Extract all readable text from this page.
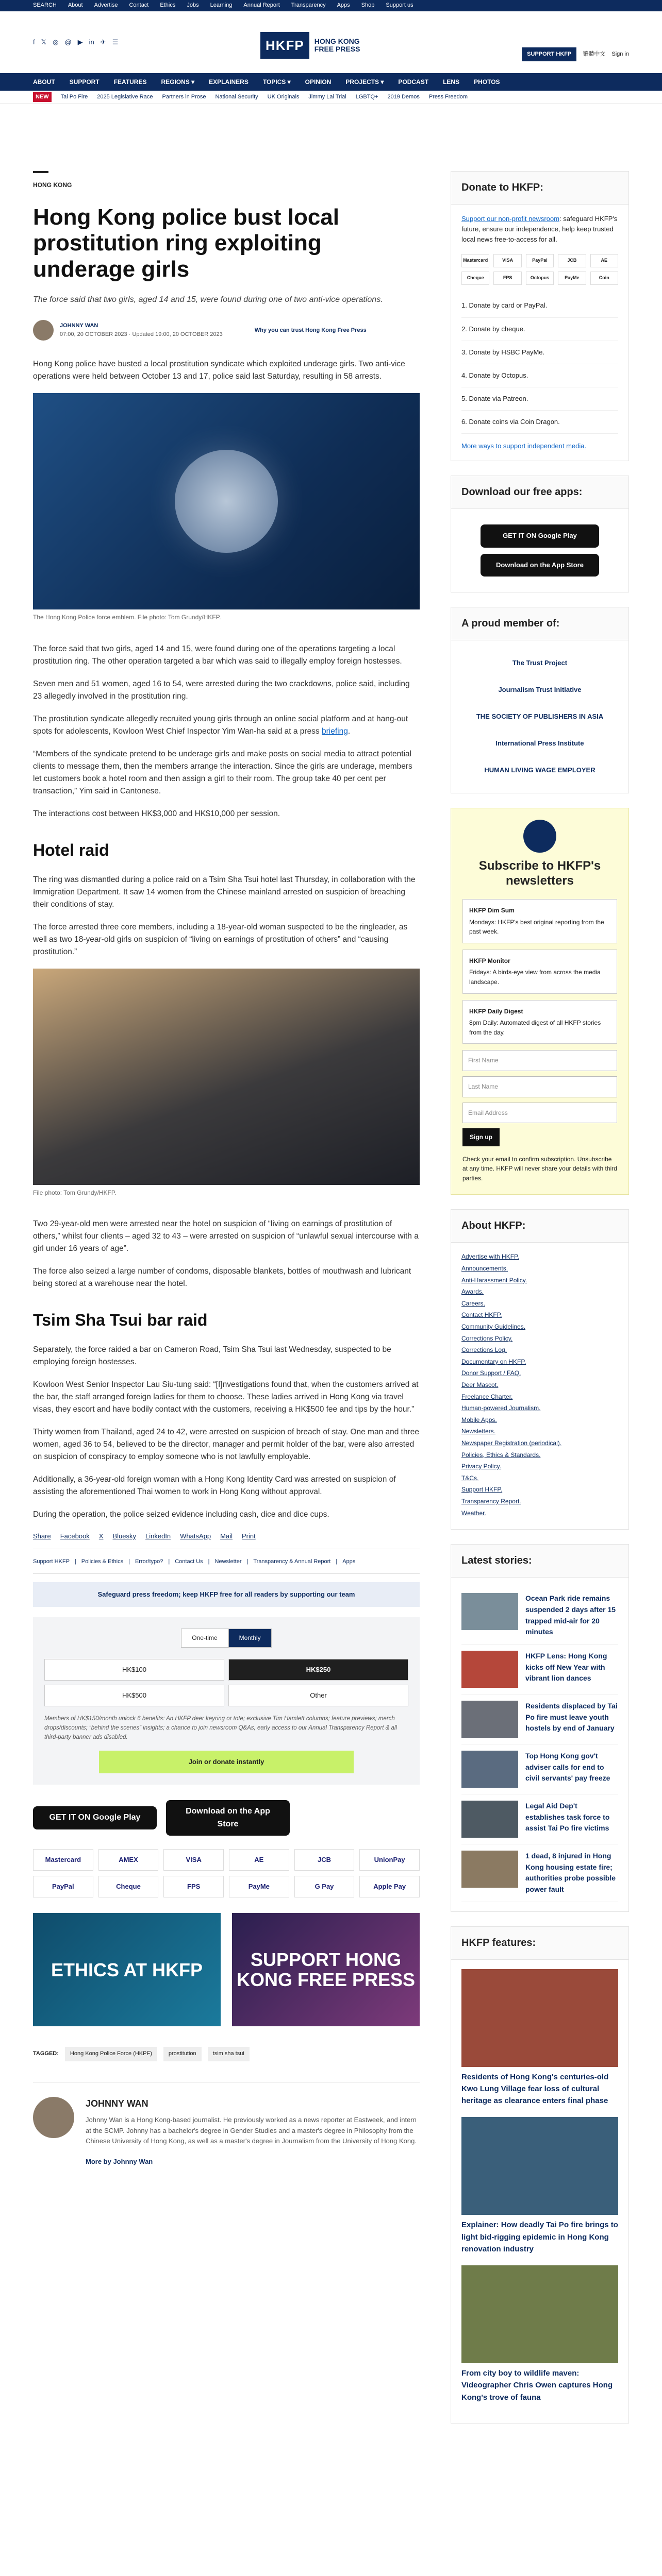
SEARCH About Advertise Contact Ethics Jobs Learning Annual Report Transparency Apps Shop Support us
f 𝕏 ◎ @ ▶ in ✈ ☰	HKFP	HONG KONG
FREE PRESS
SUPPORT HKFP	繁體中文 Sign in
ABOUT SUPPORT FEATURES REGIONS ▾ EXPLAINERS TOPICS ▾ OPINION PROJECTS ▾ PODCAST LENS PHOTOS
NEW	Tai Po Fire 2025 Legislative Race Partners in Prose National Security UK Originals Jimmy Lai Trial LGBTQ+ 2019 Demos Press Freedom
HONG KONG
Hong Kong police bust local prostitution ring exploiting underage girls
The force said that two girls, aged 14 and 15, were found during one of two anti-vice operations.
JOHNNY WAN
07:00, 20 OCTOBER 2023 · Updated 19:00, 20 OCTOBER 2023
Why you can trust Hong Kong Free Press

Hong Kong police have busted a local prostitution syndicate which exploited underage girls. Two anti-vice operations were held between October 13 and 17, police said last Saturday, resulting in 58 arrests.

The Hong Kong Police force emblem. File photo: Tom Grundy/HKFP.

The force said that two girls, aged 14 and 15, were found during one of the operations targeting a local prostitution ring. The other operation targeted a bar which was said to illegally employ foreign hostesses.

Seven men and 51 women, aged 16 to 54, were arrested during the two crackdowns, police said, including 23 allegedly involved in the prostitution ring.

The prostitution syndicate allegedly recruited young girls through an online social platform and at hang-out spots for adolescents, Kowloon West Chief Inspector Yim Wan-ha said at a press briefing.

“Members of the syndicate pretend to be underage girls and make posts on social media to attract potential clients to message them, then the members arrange the interaction. Since the girls are underage, members let customers book a hotel room and then assign a girl to their room. The group take 40 per cent per transaction,” Yim said in Cantonese.

The interactions cost between HK$3,000 and HK$10,000 per session.

Hotel raid

The ring was dismantled during a police raid on a Tsim Sha Tsui hotel last Thursday, in collaboration with the Immigration Department. It saw 14 women from the Chinese mainland arrested on suspicion of breaching their conditions of stay.

The force arrested three core members, including a 18-year-old woman suspected to be the ringleader, as well as two 18-year-old girls on suspicion of “living on earnings of prostitution of others” and “causing prostitution.”

File photo: Tom Grundy/HKFP.

Two 29-year-old men were arrested near the hotel on suspicion of “living on earnings of prostitution of others,” whilst four clients – aged 32 to 43 – were arrested on suspicion of “unlawful sexual intercourse with a girl under 16 years of age”.

The force also seized a large number of condoms, disposable blankets, bottles of mouthwash and lubricant being stored at a warehouse near the hotel.

Tsim Sha Tsui bar raid

Separately, the force raided a bar on Cameron Road, Tsim Sha Tsui last Wednesday, suspected to be employing foreign hostesses.

Kowloon West Senior Inspector Lau Siu-tung said: “[I]nvestigations found that, when the customers arrived at the bar, the staff arranged foreign ladies for them to choose. These ladies arrived in Hong Kong via travel visas, they escort and have bodily contact with the customers, receiving a HK$500 fee and tips by the hour.”

Thirty women from Thailand, aged 24 to 42, were arrested on suspicion of breach of stay. One man and three women, aged 36 to 54, believed to be the director, manager and permit holder of the bar, were also arrested on suspicion of conspiracy to employ someone who is not lawfully employable.

Additionally, a 36-year-old foreign woman with a Hong Kong Identity Card was arrested on suspicion of assisting the aforementioned Thai women to work in Hong Kong without approval.

During the operation, the police seized evidence including cash, dice and dice cups.

Share Facebook X Bluesky LinkedIn WhatsApp Mail Print
Support HKFP | Policies & Ethics | Error/typo? | Contact Us | Newsletter | Transparency & Annual Report | Apps
Safeguard press freedom; keep HKFP free for all readers by supporting our team
One-time	Monthly
HK$100	HK$250
HK$500	Other
Members of HK$150/month unlock 6 benefits: An HKFP deer keyring or tote; exclusive Tim Hamlett columns; feature previews; merch drops/discounts; “behind the scenes” insights; a chance to join newsroom Q&As, early access to our Annual Transparency Report & all third-party banner ads disabled.
Join or donate instantly
GET IT ON Google Play
Download on the App Store
Mastercard	AMEX	VISA	AE	JCB	UnionPay
PayPal	Cheque	FPS	PayMe	G Pay	Apple Pay
ETHICS AT HKFP	SUPPORT HONG KONG FREE PRESS
TAGGED:	Hong Kong Police Force (HKPF)	prostitution	tsim sha tsui
JOHNNY WAN

Johnny Wan is a Hong Kong-based journalist. He previously worked as a news reporter at Eastweek, and intern at the SCMP. Johnny has a bachelor's degree in Gender Studies and a master's degree in Philosophy from the Chinese University of Hong Kong, as well as a master's degree in Journalism from the University of Hong Kong.

More by Johnny Wan

Donate to HKFP:

Support our non-profit newsroom: safeguard HKFP's future, ensure our independence, help keep trusted local news free-to-access for all.

Mastercard	VISA	PayPal	JCB	AE
Cheque	FPS	Octopus	PayMe	Coin
1. Donate by card or PayPal.
2. Donate by cheque.
3. Donate by HSBC PayMe.
4. Donate by Octopus.
5. Donate via Patreon.
6. Donate coins via Coin Dragon.

More ways to support independent media.

Download our free apps:
GET IT ON Google Play
Download on the App Store
A proud member of:
The Trust Project
Journalism Trust Initiative
THE SOCIETY OF PUBLISHERS IN ASIA
International Press Institute
HUMAN LIVING WAGE EMPLOYER
Subscribe to HKFP's newsletters
HKFP Dim Sum
Mondays: HKFP's best original reporting from the past week.
HKFP Monitor
Fridays: A birds-eye view from across the media landscape.
HKFP Daily Digest
8pm Daily: Automated digest of all HKFP stories from the day.
First Name
Last Name
Email Address
Sign up

Check your email to confirm subscription. Unsubscribe at any time. HKFP will never share your details with third parties.

About HKFP:
Advertise with HKFP.
Announcements.
Anti-Harassment Policy.
Awards.
Careers.
Contact HKFP.
Community Guidelines.
Corrections Policy.
Corrections Log.
Documentary on HKFP.
Donor Support / FAQ.
Deer Mascot.
Freelance Charter.
Human-powered Journalism.
Mobile Apps.
Newsletters.
Newspaper Registration (periodical).
Policies, Ethics & Standards.
Privacy Policy.
T&Cs.
Support HKFP.
Transparency Report.
Weather.
Latest stories:
Ocean Park ride remains suspended 2 days after 15 trapped mid-air for 20 minutes
HKFP Lens: Hong Kong kicks off New Year with vibrant lion dances
Residents displaced by Tai Po fire must leave youth hostels by end of January
Top Hong Kong gov't adviser calls for end to civil servants' pay freeze
Legal Aid Dep't establishes task force to assist Tai Po fire victims
1 dead, 8 injured in Hong Kong housing estate fire; authorities probe possible power fault
HKFP features:
Residents of Hong Kong's centuries-old Kwo Lung Village fear loss of cultural heritage as clearance enters final phase
Explainer: How deadly Tai Po fire brings to light bid-rigging epidemic in Hong Kong renovation industry
From city boy to wildlife maven: Videographer Chris Owen captures Hong Kong's trove of fauna
